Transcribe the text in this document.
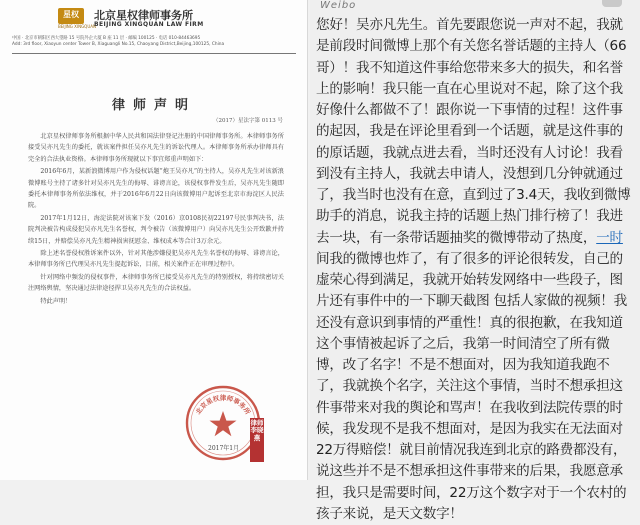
星权
BEIJING XINGQUAN
北京星权律师事务所
BEIJING XINGQUAN LAW FIRM
中国 · 北京市朝阳区西大望路 15 号院外企大厦 B 座 11 层 · 邮编 100125 · 电话 010-84463695
Add: 3rd floor, Xiaoyun center Tower B, Xiaguangli No.15, Chaoyang District,Beijing,100125, China
律师声明
（2017）星法字第 0113 号

北京星权律师事务所根据中华人民共和国法律登记注册的中国律师事务所。本律师事务所接受吴亦凡先生的委托，就该案件担任吴亦凡先生的诉讼代理人。本律师事务所承办律师具有完全的合法执业资格。本律师事务所现就以下事宜郑重声明如下：

2016年6月，某新浪微博用户作为侵权话题“炮王吴亦凡”的主持人，吴亦凡先生对该新浪微博账号主持了诸多针对吴亦凡先生的侮辱、诽谤言论，该侵权事件发生后，吴亦凡先生随即委托本律师事务所依法维权，并于2016年6月22日向该微博用户起诉至北京市海淀区人民法院。

2017年1月12日，海淀法院对该案下发（2016）京0108民初22197号民事判决书，法院判决被告构成侵犯吴亦凡先生名誉权，判令被告（该微博用户）向吴亦凡先生公开致歉并持续15日，并赔偿吴亦凡先生精神损害抚慰金、维权成本等合计3万余元。

除上述名誉侵权胜诉案件以外，针对其他涉嫌侵犯吴亦凡先生名誉权的侮辱、诽谤言论，本律师事务所已代理吴亦凡先生提起诉讼，目前，相关案件正在审理过程中。

针对网络中频发的侵权事件，本律师事务所已接受吴亦凡先生的特别授权，将持续密切关注网络舆情，坚决通过法律途径捍卫吴亦凡先生的合法权益。

特此声明！

北京星权律师事务所
律师 李晓燕
2017年1月
Weibo
您好！吴亦凡先生。首先要跟您说一声对不起，我就是前段时间微博上那个有关您名誉话题的主持人（66哥）！我不知道这件事给您带来多大的损失，和名誉上的影响！我只能一直在心里说对不起，除了这个我好像什么都做不了！跟你说一下事情的过程！这件事的起因，我是在评论里看到一个话题，就是这件事的的原话题，我就点进去看，当时还没有人讨论！我看到没有主持人，我就去申请人，没想到几分钟就通过了，我当时也没有在意，直到过了3.4天，我收到微博助手的消息，说我主持的话题上热门排行榜了！我进去一块，有一条带话题抽奖的微博带动了热度，一时间我的微博也炸了，有了很多的评论很转发，自己的虚荣心得到满足，我就开始转发网络中一些段子，图片还有事件中的一下聊天截图 包括人家做的视频！我还没有意识到事情的严重性！真的很抱歉，在我知道这个事情被起诉了之后，我第一时间清空了所有微博，改了名字！不是不想面对，因为我知道我跑不了，我就换个名字，关注这个事情，当时不想承担这件事带来对我的舆论和骂声！在我收到法院传票的时候，我发现不是我不想面对，是因为我实在无法面对 22万得赔偿！就目前情况我连到北京的路费都没有，说这些并不是不想承担这件事带来的后果，我愿意承担，我只是需要时间，22万这个数字对于一个农村的孩子来说，是天文数字！
